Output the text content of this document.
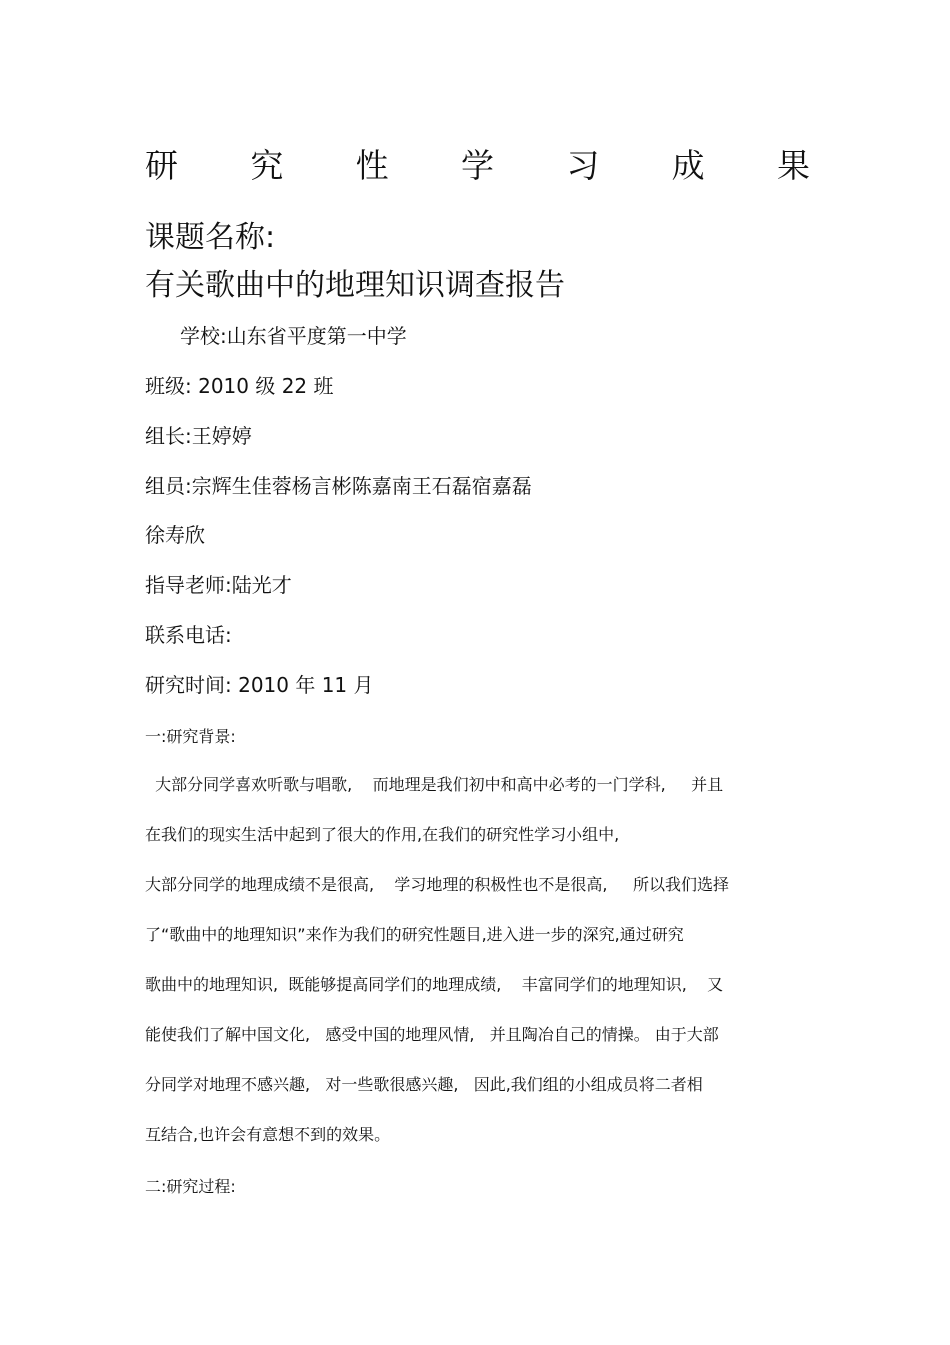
研 究 性 学 习 成 果
课题名称:
有关歌曲中的地理知识调查报告
学校:山东省平度第一中学
班级: 2010 级 22 班
组长:王婷婷
组员:宗辉生佳蓉杨言彬陈嘉南王石磊宿嘉磊
徐寿欣
指导老师:陆光才
联系电话:
研究时间: 2010 年 11 月
一:研究背景:
大部分同学喜欢听歌与唱歌,    而地理是我们初中和高中必考的一门学科,     并且
在我们的现实生活中起到了很大的作用,在我们的研究性学习小组中,
大部分同学的地理成绩不是很高,    学习地理的积极性也不是很高,     所以我们选择
了“歌曲中的地理知识”来作为我们的研究性题目,进入进一步的深究,通过研究
歌曲中的地理知识,  既能够提高同学们的地理成绩,    丰富同学们的地理知识,    又
能使我们了解中国文化,   感受中国的地理风情,   并且陶冶自己的情操。 由于大部
分同学对地理不感兴趣,   对一些歌很感兴趣,   因此,我们组的小组成员将二者相
互结合,也许会有意想不到的效果。
二:研究过程:
